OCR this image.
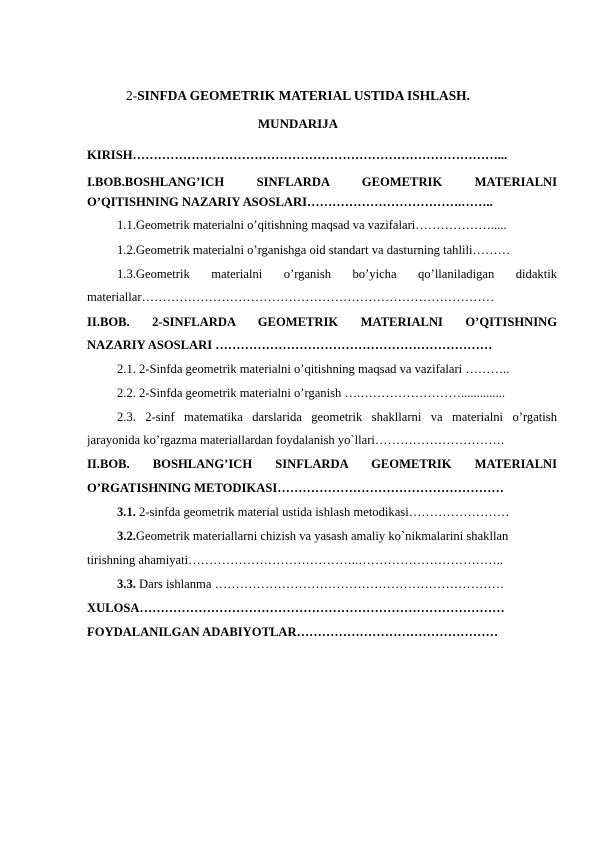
2-SINFDA GEOMETRIK MATERIAL USTIDA ISHLASH.
MUNDARIJA
KIRISH……………………………………………………………………………...
I.BOB.BOSHLANG’ICH SINFLARDA GEOMETRIK MATERIALNI
O’QITISHNING NAZARIY ASOSLARI……………………………….……..
1.1.Geometrik materialni o’qitishning maqsad va vazifalari……………….....
1.2.Geometrik materialni o’rganishga oid standart va dasturning tahlili………
1.3.Geometrik materialni o’rganish bo’yicha qo’llaniladigan didaktik
materiallar…………………………………………………………………………
II.BOB. 2-SINFLARDA GEOMETRIK MATERIALNI O’QITISHNING
NAZARIY ASOSLARI …………………………………………………………
2.1. 2-Sinfda geometrik materialni o’qitishning maqsad va vazifalari ………..
2.2. 2-Sinfda geometrik materialni o’rganish ….……………………..............
2.3. 2-sinf matematika darslarida geometrik shakllarni va materialni o’rgatish
jarayonida ko’rgazma materiallardan foydalanish yo`llari………………………….
II.BOB. BOSHLANG’ICH SINFLARDA GEOMETRIK MATERIALNI
O’RGATISHNING METODIKASI………………………………………………
3.1. 2-sinfda geometrik material ustida ishlash metodikasi……………………
3.2.Geometrik materiallarni chizish va yasash amaliy ko`nikmalarini shakllan
tirishning ahamiyati…………………………………..……………………………..
3.3. Dars ishlanma ……………………………………………………………
XULOSA……………………………………………………………………………
FOYDALANILGAN ADABIYOTLAR…………………………………………
